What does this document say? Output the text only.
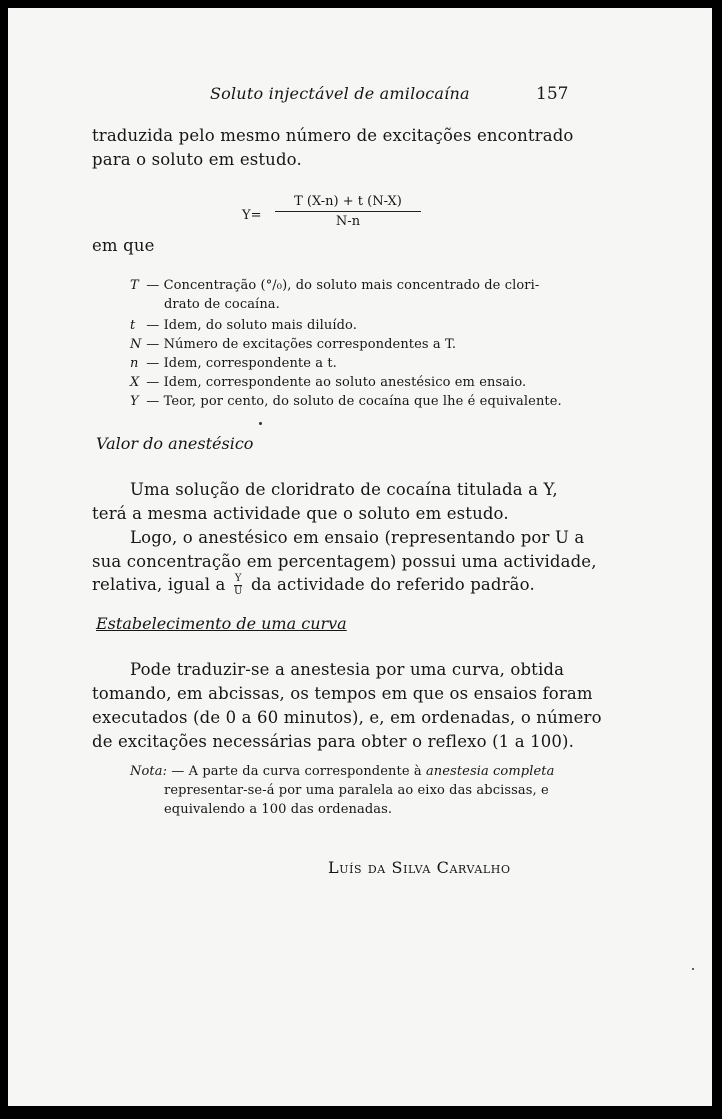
Soluto injectável de amilocaína	157
traduzida pelo mesmo número de excitações encontrado
para o soluto em estudo.
Y=
T (X-n) + t (N-X)
N-n
em que
T — Concentração (°/₀), do soluto mais concentrado de clori-
drato de cocaína.
t — Idem, do soluto mais diluído.
N — Número de excitações correspondentes a T.
n — Idem, correspondente a t.
X — Idem, correspondente ao soluto anestésico em ensaio.
Y — Teor, por cento, do soluto de cocaína que lhe é equivalente.
Valor do anestésico
Uma solução de cloridrato de cocaína titulada a Y,
terá a mesma actividade que o soluto em estudo.
Logo, o anestésico em ensaio (representando por U a
sua concentração em percentagem) possui uma actividade,
relativa, igual a $\frac{Y}{U}$ da actividade do referido padrão.
Estabelecimento de uma curva
Pode traduzir-se a anestesia por uma curva, obtida
tomando, em abcissas, os tempos em que os ensaios foram
executados (de 0 a 60 minutos), e, em ordenadas, o número
de excitações necessárias para obter o reflexo (1 a 100).
Nota: — A parte da curva correspondente à anestesia completa
representar-se-á por uma paralela ao eixo das abcissas, e
equivalendo a 100 das ordenadas.
Luís da Silva Carvalho
